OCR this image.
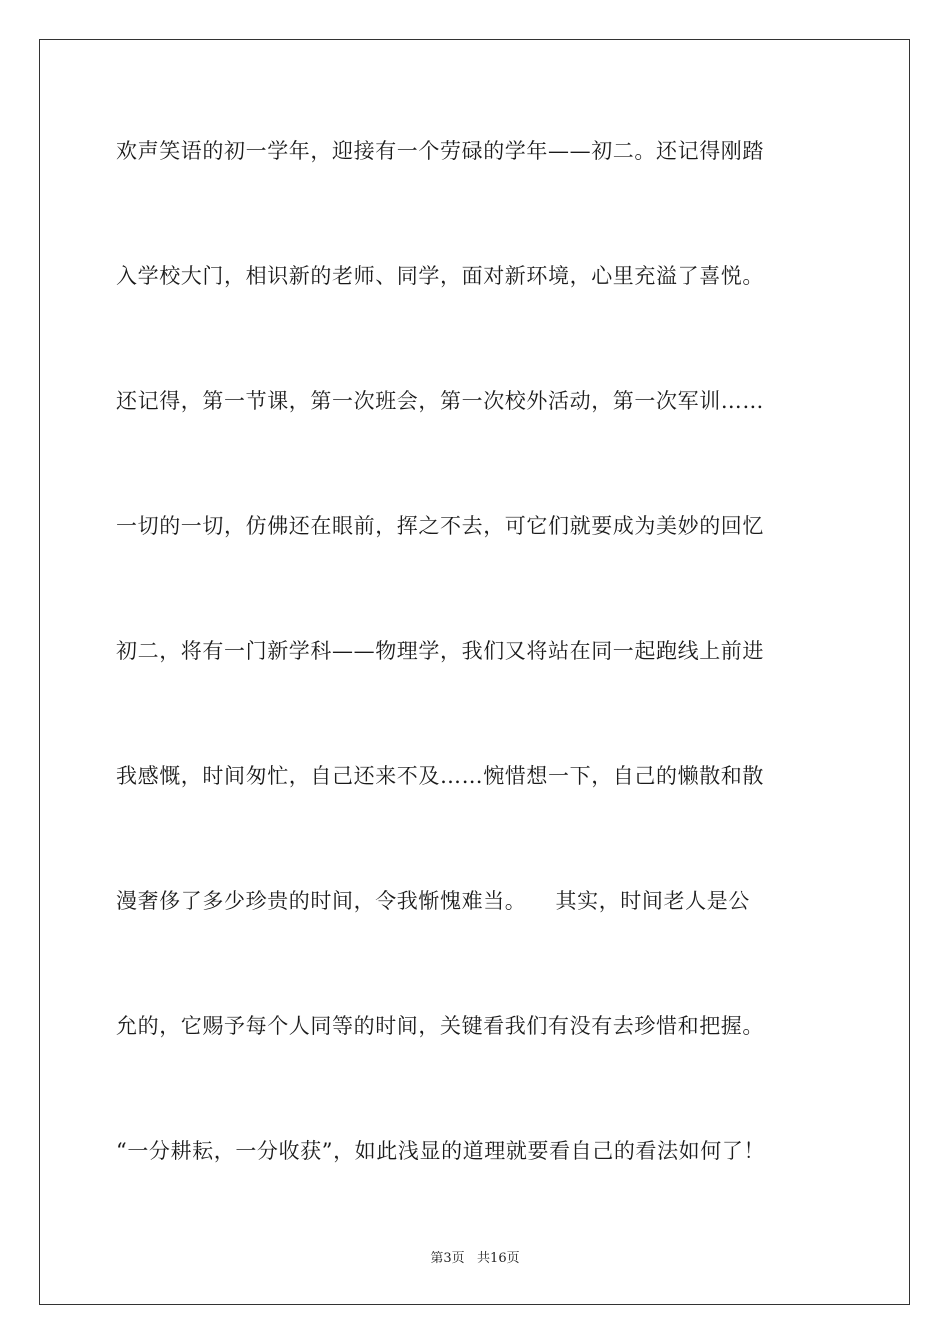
欢声笑语的初一学年，迎接有一个劳碌的学年——初二。还记得刚踏
入学校大门，相识新的老师、同学，面对新环境，心里充溢了喜悦。
还记得，第一节课，第一次班会，第一次校外活动，第一次军训……
一切的一切，仿佛还在眼前，挥之不去，可它们就要成为美妙的回忆
初二，将有一门新学科——物理学，我们又将站在同一起跑线上前进
我感慨，时间匆忙，自己还来不及……惋惜想一下，自己的懒散和散
漫奢侈了多少珍贵的时间，令我惭愧难当。    其实，时间老人是公
允的，它赐予每个人同等的时间，关键看我们有没有去珍惜和把握。
“一分耕耘，一分收获”，如此浅显的道理就要看自己的看法如何了！
第3页   共16页
